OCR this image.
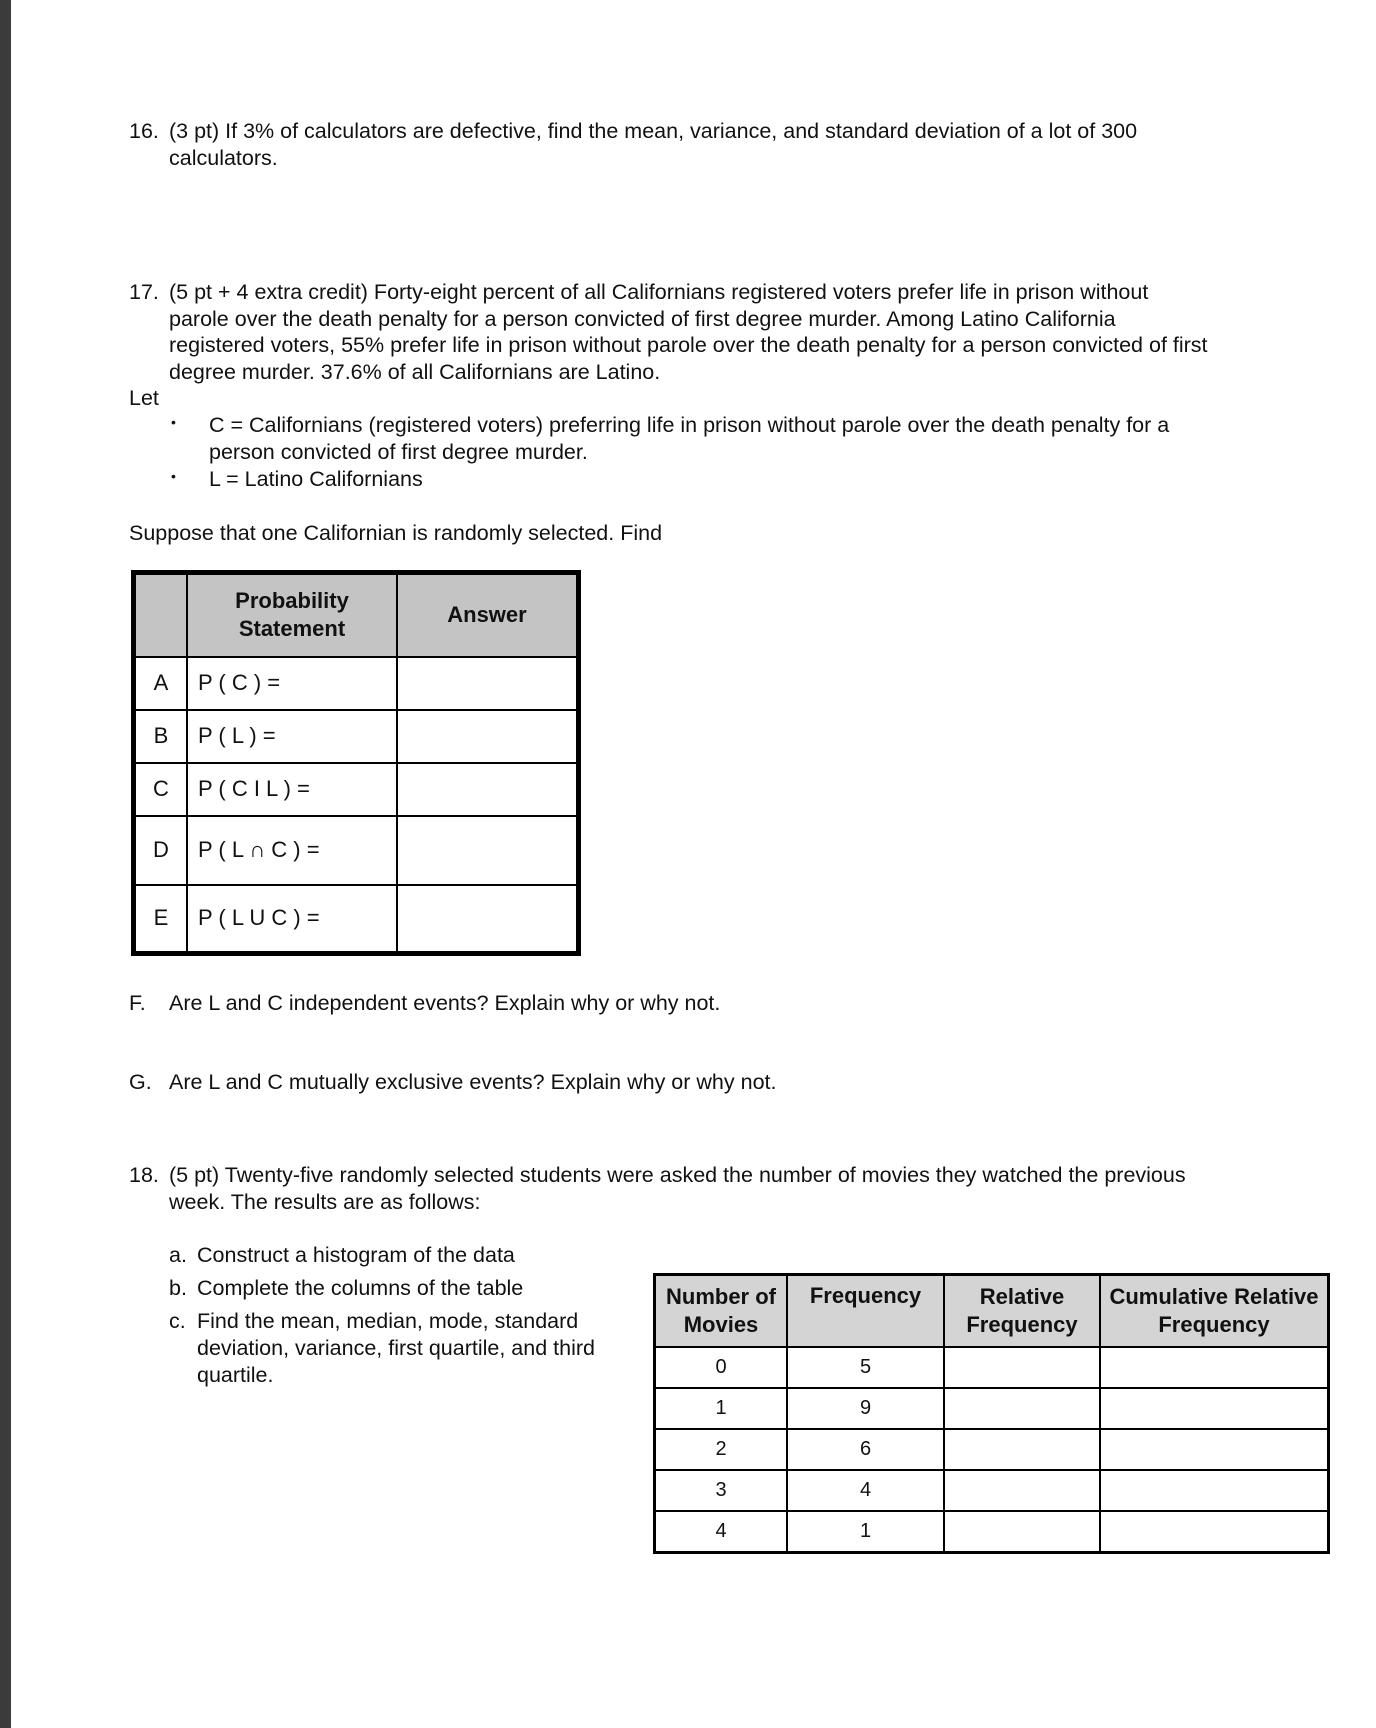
16. (3 pt) If 3% of calculators are defective, find the mean, variance, and standard deviation of a lot of 300
calculators.
17. (5 pt + 4 extra credit) Forty-eight percent of all Californians registered voters prefer life in prison without
parole over the death penalty for a person convicted of first degree murder. Among Latino California
registered voters, 55% prefer life in prison without parole over the death penalty for a person convicted of first
degree murder. 37.6% of all Californians are Latino.
Let
• C = Californians (registered voters) preferring life in prison without parole over the death penalty for a
person convicted of first degree murder.
• L = Latino Californians
Suppose that one Californian is randomly selected. Find
	Probability
Statement	Answer
A	P ( C ) =	
B	P ( L ) =	
C	P ( C I L ) =	
D	P ( L ∩ C ) =	
E	P ( L U C ) =	
F. Are L and C independent events? Explain why or why not.
G. Are L and C mutually exclusive events? Explain why or why not.
18. (5 pt) Twenty-five randomly selected students were asked the number of movies they watched the previous
week. The results are as follows:
a. Construct a histogram of the data
b. Complete the columns of the table
c. Find the mean, median, mode, standard
deviation, variance, first quartile, and third
quartile.
Number of
Movies	Frequency	Relative
Frequency	Cumulative Relative
Frequency
0	5		
1	9		
2	6		
3	4		
4	1		
